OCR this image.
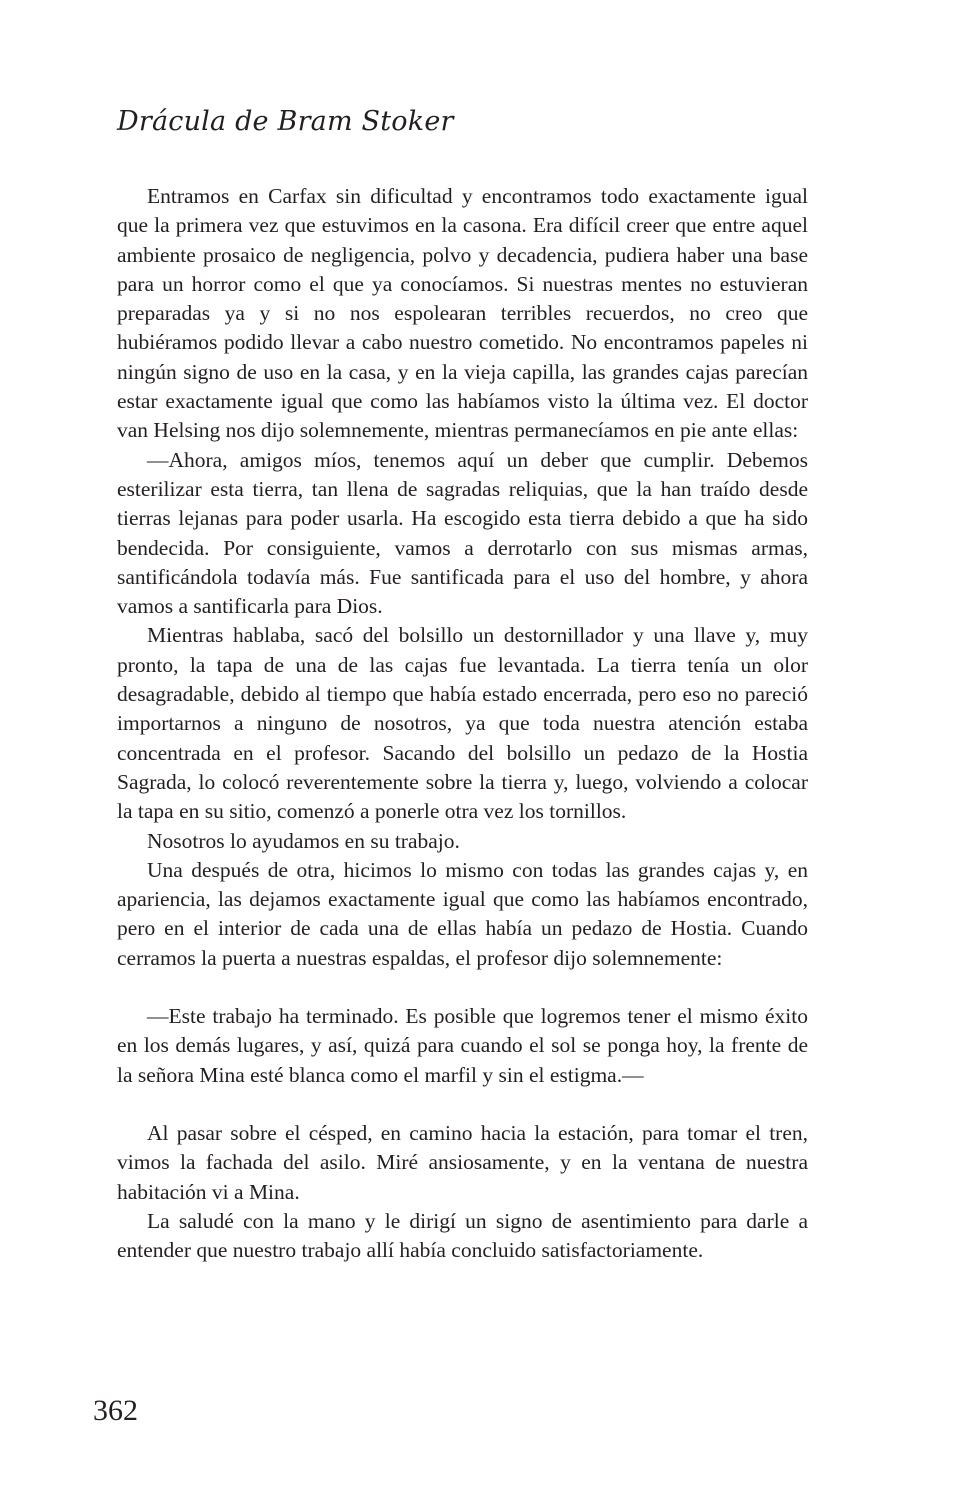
Drácula de Bram Stoker

Entramos en Carfax sin dificultad y encontramos todo exactamente igual que la primera vez que estuvimos en la casona. Era difícil creer que entre aquel ambiente prosaico de negligencia, polvo y decadencia, pudiera haber una base para un horror como el que ya conocíamos. Si nuestras mentes no estuvieran preparadas ya y si no nos espolearan terribles recuerdos, no creo que hubiéramos podido llevar a cabo nuestro cometido. No encontramos papeles ni ningún signo de uso en la casa, y en la vieja capilla, las grandes cajas parecían estar exactamente igual que como las habíamos visto la última vez. El doctor van Helsing nos dijo solemnemente, mientras permanecíamos en pie ante ellas:

—Ahora, amigos míos, tenemos aquí un deber que cumplir. Debemos esterilizar esta tierra, tan llena de sagradas reliquias, que la han traído desde tierras lejanas para poder usarla. Ha escogido esta tierra debido a que ha sido bendecida. Por consiguiente, vamos a derrotarlo con sus mismas armas, santificándola todavía más. Fue santificada para el uso del hombre, y ahora vamos a santificarla para Dios.

Mientras hablaba, sacó del bolsillo un destornillador y una llave y, muy pronto, la tapa de una de las cajas fue levantada. La tierra tenía un olor desagradable, debido al tiempo que había estado encerrada, pero eso no pareció importarnos a ninguno de nosotros, ya que toda nuestra atención estaba concentrada en el profesor. Sacando del bolsillo un pedazo de la Hostia Sagrada, lo colocó reverentemente sobre la tierra y, luego, volviendo a colocar la tapa en su sitio, comenzó a ponerle otra vez los tornillos.

Nosotros lo ayudamos en su trabajo.

Una después de otra, hicimos lo mismo con todas las grandes cajas y, en apariencia, las dejamos exactamente igual que como las habíamos encontrado, pero en el interior de cada una de ellas había un pedazo de Hostia. Cuando cerramos la puerta a nuestras espaldas, el profesor dijo solemnemente:

—Este trabajo ha terminado. Es posible que logremos tener el mismo éxito en los demás lugares, y así, quizá para cuando el sol se ponga hoy, la frente de la señora Mina esté blanca como el marfil y sin el estigma.—

Al pasar sobre el césped, en camino hacia la estación, para tomar el tren, vimos la fachada del asilo. Miré ansiosamente, y en la ventana de nuestra habitación vi a Mina.

La saludé con la mano y le dirigí un signo de asentimiento para darle a entender que nuestro trabajo allí había concluido satisfactoriamente.

362
